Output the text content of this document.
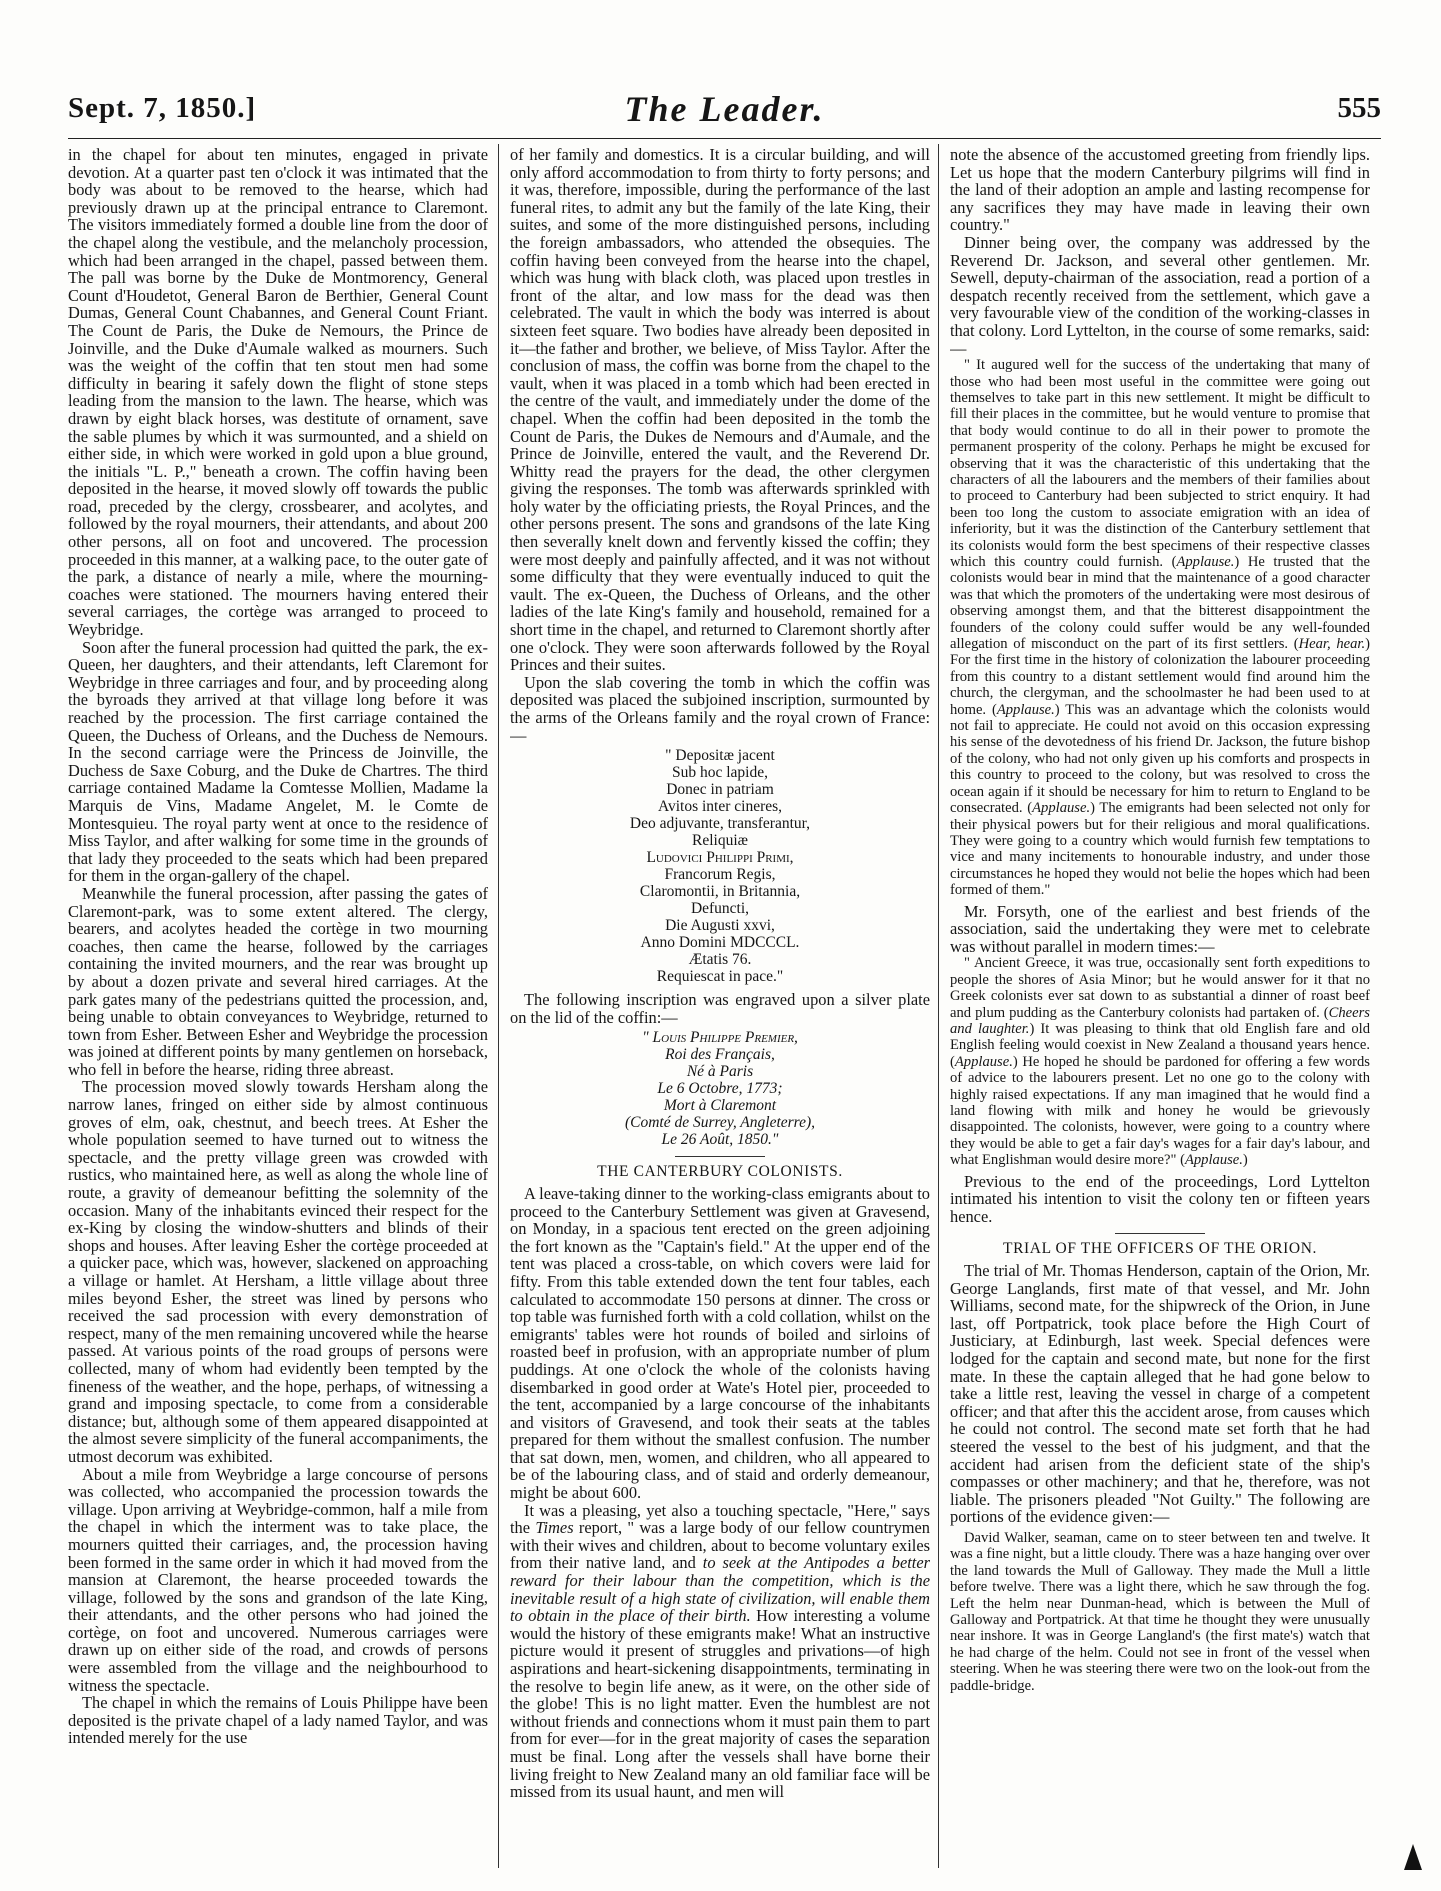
Sept. 7, 1850.]	The Leader.	555

in the chapel for about ten minutes, engaged in private devotion. At a quarter past ten o'clock it was intimated that the body was about to be removed to the hearse, which had previously drawn up at the principal entrance to Claremont. The visitors immediately formed a double line from the door of the chapel along the vestibule, and the melancholy procession, which had been arranged in the chapel, passed between them. The pall was borne by the Duke de Montmorency, General Count d'Houdetot, General Baron de Berthier, General Count Dumas, General Count Chabannes, and General Count Friant. The Count de Paris, the Duke de Nemours, the Prince de Joinville, and the Duke d'Aumale walked as mourners. Such was the weight of the coffin that ten stout men had some difficulty in bearing it safely down the flight of stone steps leading from the mansion to the lawn. The hearse, which was drawn by eight black horses, was destitute of ornament, save the sable plumes by which it was surmounted, and a shield on either side, in which were worked in gold upon a blue ground, the initials "L. P.," beneath a crown. The coffin having been deposited in the hearse, it moved slowly off towards the public road, preceded by the clergy, crossbearer, and acolytes, and followed by the royal mourners, their attendants, and about 200 other persons, all on foot and uncovered. The procession proceeded in this manner, at a walking pace, to the outer gate of the park, a distance of nearly a mile, where the mourning-coaches were stationed. The mourners having entered their several carriages, the cortège was arranged to proceed to Weybridge.

Soon after the funeral procession had quitted the park, the ex-Queen, her daughters, and their attendants, left Claremont for Weybridge in three carriages and four, and by proceeding along the byroads they arrived at that village long before it was reached by the procession. The first carriage contained the Queen, the Duchess of Orleans, and the Duchess de Nemours. In the second carriage were the Princess de Joinville, the Duchess de Saxe Coburg, and the Duke de Chartres. The third carriage contained Madame la Comtesse Mollien, Madame la Marquis de Vins, Madame Angelet, M. le Comte de Montesquieu. The royal party went at once to the residence of Miss Taylor, and after walking for some time in the grounds of that lady they proceeded to the seats which had been prepared for them in the organ-gallery of the chapel.

Meanwhile the funeral procession, after passing the gates of Claremont-park, was to some extent altered. The clergy, bearers, and acolytes headed the cortège in two mourning coaches, then came the hearse, followed by the carriages containing the invited mourners, and the rear was brought up by about a dozen private and several hired carriages. At the park gates many of the pedestrians quitted the procession, and, being unable to obtain conveyances to Weybridge, returned to town from Esher. Between Esher and Weybridge the procession was joined at different points by many gentlemen on horseback, who fell in before the hearse, riding three abreast.

The procession moved slowly towards Hersham along the narrow lanes, fringed on either side by almost continuous groves of elm, oak, chestnut, and beech trees. At Esher the whole population seemed to have turned out to witness the spectacle, and the pretty village green was crowded with rustics, who maintained here, as well as along the whole line of route, a gravity of demeanour befitting the solemnity of the occasion. Many of the inhabitants evinced their respect for the ex-King by closing the window-shutters and blinds of their shops and houses. After leaving Esher the cortège proceeded at a quicker pace, which was, however, slackened on approaching a village or hamlet. At Hersham, a little village about three miles beyond Esher, the street was lined by persons who received the sad procession with every demonstration of respect, many of the men remaining uncovered while the hearse passed. At various points of the road groups of persons were collected, many of whom had evidently been tempted by the fineness of the weather, and the hope, perhaps, of witnessing a grand and imposing spectacle, to come from a considerable distance; but, although some of them appeared disappointed at the almost severe simplicity of the funeral accompaniments, the utmost decorum was exhibited.

About a mile from Weybridge a large concourse of persons was collected, who accompanied the procession towards the village. Upon arriving at Weybridge-common, half a mile from the chapel in which the interment was to take place, the mourners quitted their carriages, and, the procession having been formed in the same order in which it had moved from the mansion at Claremont, the hearse proceeded towards the village, followed by the sons and grandson of the late King, their attendants, and the other persons who had joined the cortège, on foot and uncovered. Numerous carriages were drawn up on either side of the road, and crowds of persons were assembled from the village and the neighbourhood to witness the spectacle.

The chapel in which the remains of Louis Philippe have been deposited is the private chapel of a lady named Taylor, and was intended merely for the use

of her family and domestics. It is a circular building, and will only afford accommodation to from thirty to forty persons; and it was, therefore, impossible, during the performance of the last funeral rites, to admit any but the family of the late King, their suites, and some of the more distinguished persons, including the foreign ambassadors, who attended the obsequies. The coffin having been conveyed from the hearse into the chapel, which was hung with black cloth, was placed upon trestles in front of the altar, and low mass for the dead was then celebrated. The vault in which the body was interred is about sixteen feet square. Two bodies have already been deposited in it—the father and brother, we believe, of Miss Taylor. After the conclusion of mass, the coffin was borne from the chapel to the vault, when it was placed in a tomb which had been erected in the centre of the vault, and immediately under the dome of the chapel. When the coffin had been deposited in the tomb the Count de Paris, the Dukes de Nemours and d'Aumale, and the Prince de Joinville, entered the vault, and the Reverend Dr. Whitty read the prayers for the dead, the other clergymen giving the responses. The tomb was afterwards sprinkled with holy water by the officiating priests, the Royal Princes, and the other persons present. The sons and grandsons of the late King then severally knelt down and fervently kissed the coffin; they were most deeply and painfully affected, and it was not without some difficulty that they were eventually induced to quit the vault. The ex-Queen, the Duchess of Orleans, and the other ladies of the late King's family and household, remained for a short time in the chapel, and returned to Claremont shortly after one o'clock. They were soon afterwards followed by the Royal Princes and their suites.

Upon the slab covering the tomb in which the coffin was deposited was placed the subjoined inscription, surmounted by the arms of the Orleans family and the royal crown of France:—

" Depositæ jacent
Sub hoc lapide,
Donec in patriam
Avitos inter cineres,
Deo adjuvante, transferantur,
Reliquiæ
Ludovici Philippi Primi,
Francorum Regis,
Claromontii, in Britannia,
Defuncti,
Die Augusti xxvi,
Anno Domini MDCCCL.
Ætatis 76.
Requiescat in pace."

The following inscription was engraved upon a silver plate on the lid of the coffin:—

" Louis Philippe Premier,
Roi des Français,
Né à Paris
Le 6 Octobre, 1773;
Mort à Claremont
(Comté de Surrey, Angleterre),
Le 26 Août, 1850."
THE CANTERBURY COLONISTS.

A leave-taking dinner to the working-class emigrants about to proceed to the Canterbury Settlement was given at Gravesend, on Monday, in a spacious tent erected on the green adjoining the fort known as the "Captain's field." At the upper end of the tent was placed a cross-table, on which covers were laid for fifty. From this table extended down the tent four tables, each calculated to accommodate 150 persons at dinner. The cross or top table was furnished forth with a cold collation, whilst on the emigrants' tables were hot rounds of boiled and sirloins of roasted beef in profusion, with an appropriate number of plum puddings. At one o'clock the whole of the colonists having disembarked in good order at Wate's Hotel pier, proceeded to the tent, accompanied by a large concourse of the inhabitants and visitors of Gravesend, and took their seats at the tables prepared for them without the smallest confusion. The number that sat down, men, women, and children, who all appeared to be of the labouring class, and of staid and orderly demeanour, might be about 600.

It was a pleasing, yet also a touching spectacle, "Here," says the Times report, " was a large body of our fellow countrymen with their wives and children, about to become voluntary exiles from their native land, and to seek at the Antipodes a better reward for their labour than the competition, which is the inevitable result of a high state of civilization, will enable them to obtain in the place of their birth. How interesting a volume would the history of these emigrants make! What an instructive picture would it present of struggles and privations—of high aspirations and heart-sickening disappointments, terminating in the resolve to begin life anew, as it were, on the other side of the globe! This is no light matter. Even the humblest are not without friends and connections whom it must pain them to part from for ever—for in the great majority of cases the separation must be final. Long after the vessels shall have borne their living freight to New Zealand many an old familiar face will be missed from its usual haunt, and men will

note the absence of the accustomed greeting from friendly lips. Let us hope that the modern Canterbury pilgrims will find in the land of their adoption an ample and lasting recompense for any sacrifices they may have made in leaving their own country."

Dinner being over, the company was addressed by the Reverend Dr. Jackson, and several other gentlemen. Mr. Sewell, deputy-chairman of the association, read a portion of a despatch recently received from the settlement, which gave a very favourable view of the condition of the working-classes in that colony. Lord Lyttelton, in the course of some remarks, said:—

" It augured well for the success of the undertaking that many of those who had been most useful in the committee were going out themselves to take part in this new settlement. It might be difficult to fill their places in the committee, but he would venture to promise that that body would continue to do all in their power to promote the permanent prosperity of the colony. Perhaps he might be excused for observing that it was the characteristic of this undertaking that the characters of all the labourers and the members of their families about to proceed to Canterbury had been subjected to strict enquiry. It had been too long the custom to associate emigration with an idea of inferiority, but it was the distinction of the Canterbury settlement that its colonists would form the best specimens of their respective classes which this country could furnish. (Applause.) He trusted that the colonists would bear in mind that the maintenance of a good character was that which the promoters of the undertaking were most desirous of observing amongst them, and that the bitterest disappointment the founders of the colony could suffer would be any well-founded allegation of misconduct on the part of its first settlers. (Hear, hear.) For the first time in the history of colonization the labourer proceeding from this country to a distant settlement would find around him the church, the clergyman, and the schoolmaster he had been used to at home. (Applause.) This was an advantage which the colonists would not fail to appreciate. He could not avoid on this occasion expressing his sense of the devotedness of his friend Dr. Jackson, the future bishop of the colony, who had not only given up his comforts and prospects in this country to proceed to the colony, but was resolved to cross the ocean again if it should be necessary for him to return to England to be consecrated. (Applause.) The emigrants had been selected not only for their physical powers but for their religious and moral qualifications. They were going to a country which would furnish few temptations to vice and many incitements to honourable industry, and under those circumstances he hoped they would not belie the hopes which had been formed of them."

Mr. Forsyth, one of the earliest and best friends of the association, said the undertaking they were met to celebrate was without parallel in modern times:—

" Ancient Greece, it was true, occasionally sent forth expeditions to people the shores of Asia Minor; but he would answer for it that no Greek colonists ever sat down to as substantial a dinner of roast beef and plum pudding as the Canterbury colonists had partaken of. (Cheers and laughter.) It was pleasing to think that old English fare and old English feeling would coexist in New Zealand a thousand years hence. (Applause.) He hoped he should be pardoned for offering a few words of advice to the labourers present. Let no one go to the colony with highly raised expectations. If any man imagined that he would find a land flowing with milk and honey he would be grievously disappointed. The colonists, however, were going to a country where they would be able to get a fair day's wages for a fair day's labour, and what Englishman would desire more?" (Applause.)

Previous to the end of the proceedings, Lord Lyttelton intimated his intention to visit the colony ten or fifteen years hence.

TRIAL OF THE OFFICERS OF THE ORION.

The trial of Mr. Thomas Henderson, captain of the Orion, Mr. George Langlands, first mate of that vessel, and Mr. John Williams, second mate, for the shipwreck of the Orion, in June last, off Portpatrick, took place before the High Court of Justiciary, at Edinburgh, last week. Special defences were lodged for the captain and second mate, but none for the first mate. In these the captain alleged that he had gone below to take a little rest, leaving the vessel in charge of a competent officer; and that after this the accident arose, from causes which he could not control. The second mate set forth that he had steered the vessel to the best of his judgment, and that the accident had arisen from the deficient state of the ship's compasses or other machinery; and that he, therefore, was not liable. The prisoners pleaded "Not Guilty." The following are portions of the evidence given:—

David Walker, seaman, came on to steer between ten and twelve. It was a fine night, but a little cloudy. There was a haze hanging over over the land towards the Mull of Galloway. They made the Mull a little before twelve. There was a light there, which he saw through the fog. Left the helm near Dunman-head, which is between the Mull of Galloway and Portpatrick. At that time he thought they were unusually near inshore. It was in George Langland's (the first mate's) watch that he had charge of the helm. Could not see in front of the vessel when steering. When he was steering there were two on the look-out from the paddle-bridge.
